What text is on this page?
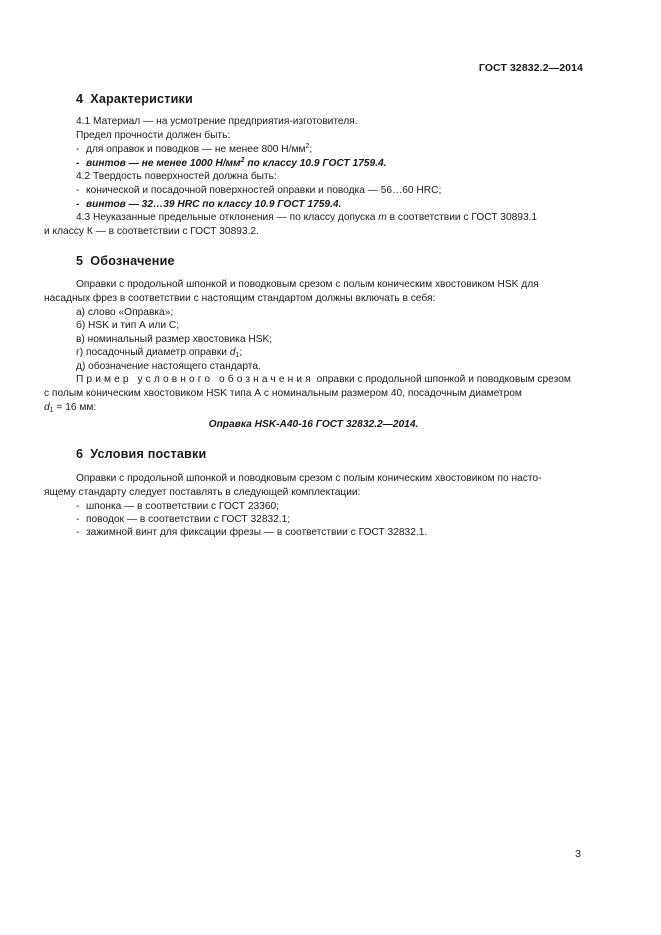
ГОСТ 32832.2—2014
4 Характеристики
4.1 Материал — на усмотрение предприятия-изготовителя.
Предел прочности должен быть:
- для оправок и поводков — не менее 800 $Н/мм^2$;
- винтов — не менее 1000 $Н/мм^2$ по классу 10.9 ГОСТ 1759.4.
4.2 Твердость поверхностей должна быть:
- конической и посадочной поверхностей оправки и поводка — 56…60 HRC;
- винтов — 32…39 HRC по классу 10.9 ГОСТ 1759.4.
4.3 Неуказанные предельные отклонения — по классу допуска m в соответствии с ГОСТ 30893.1
и классу К — в соответствии с ГОСТ 30893.2.
5 Обозначение
Оправки с продольной шпонкой и поводковым срезом с полым коническим хвостовиком HSK для
насадных фрез в соответствии с настоящим стандартом должны включать в себя:
а) слово «Оправка»;
б) HSK и тип А или С;
в) номинальный размер хвостовика HSK;
г) посадочный диаметр оправки $d_1$;
д) обозначение настоящего стандарта.
Пример условного обозначения оправки с продольной шпонкой и поводковым срезом
с полым коническим хвостовиком HSK типа А с номинальным размером 40, посадочным диаметром
$d_1 = 16$ мм:
Оправка HSK-A40-16 ГОСТ 32832.2—2014.
6 Условия поставки
Оправки с продольной шпонкой и поводковым срезом с полым коническим хвостовиком по насто-
ящему стандарту следует поставлять в следующей комплектации:
- шпонка — в соответствии с ГОСТ 23360;
- поводок — в соответствии с ГОСТ 32832.1;
- зажимной винт для фиксации фрезы — в соответствии с ГОСТ 32832.1.
3
